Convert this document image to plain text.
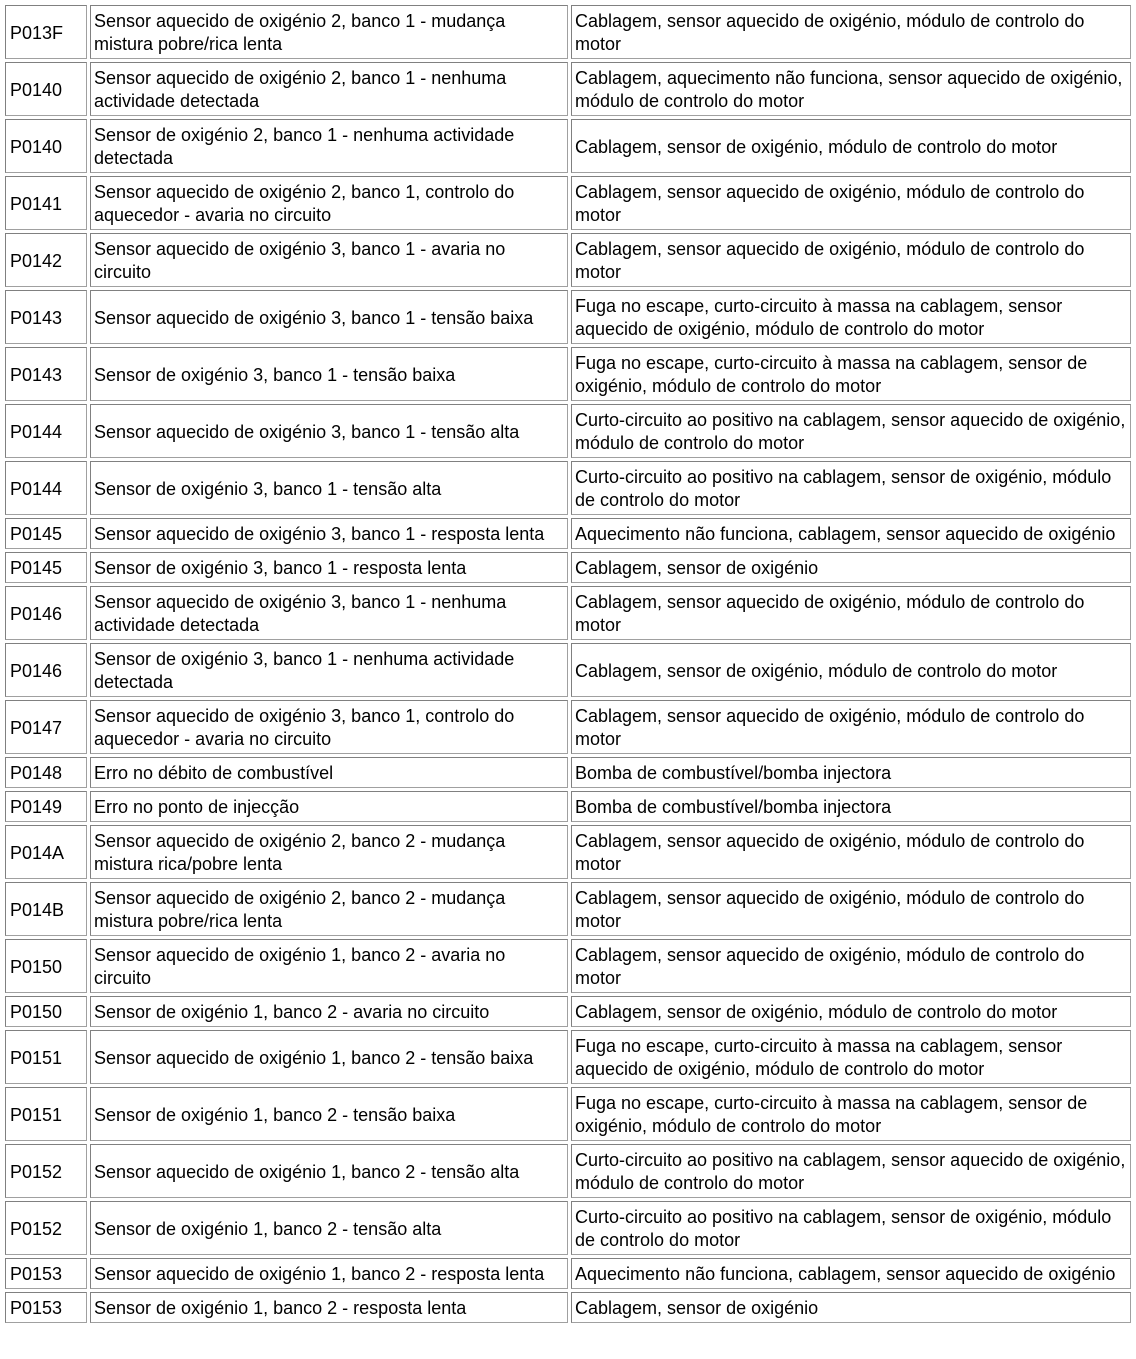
P013F	Sensor aquecido de oxigénio 2, banco 1 - mudança mistura pobre/rica lenta	Cablagem, sensor aquecido de oxigénio, módulo de controlo do motor
P0140	Sensor aquecido de oxigénio 2, banco 1 - nenhuma actividade detectada	Cablagem, aquecimento não funciona, sensor aquecido de oxigénio, módulo de controlo do motor
P0140	Sensor de oxigénio 2, banco 1 - nenhuma actividade detectada	Cablagem, sensor de oxigénio, módulo de controlo do motor
P0141	Sensor aquecido de oxigénio 2, banco 1, controlo do aquecedor - avaria no circuito	Cablagem, sensor aquecido de oxigénio, módulo de controlo do motor
P0142	Sensor aquecido de oxigénio 3, banco 1 - avaria no circuito	Cablagem, sensor aquecido de oxigénio, módulo de controlo do motor
P0143	Sensor aquecido de oxigénio 3, banco 1 - tensão baixa	Fuga no escape, curto-circuito à massa na cablagem, sensor aquecido de oxigénio, módulo de controlo do motor
P0143	Sensor de oxigénio 3, banco 1 - tensão baixa	Fuga no escape, curto-circuito à massa na cablagem, sensor de oxigénio, módulo de controlo do motor
P0144	Sensor aquecido de oxigénio 3, banco 1 - tensão alta	Curto-circuito ao positivo na cablagem, sensor aquecido de oxigénio, módulo de controlo do motor
P0144	Sensor de oxigénio 3, banco 1 - tensão alta	Curto-circuito ao positivo na cablagem, sensor de oxigénio, módulo de controlo do motor
P0145	Sensor aquecido de oxigénio 3, banco 1 - resposta lenta	Aquecimento não funciona, cablagem, sensor aquecido de oxigénio
P0145	Sensor de oxigénio 3, banco 1 - resposta lenta	Cablagem, sensor de oxigénio
P0146	Sensor aquecido de oxigénio 3, banco 1 - nenhuma actividade detectada	Cablagem, sensor aquecido de oxigénio, módulo de controlo do motor
P0146	Sensor de oxigénio 3, banco 1 - nenhuma actividade detectada	Cablagem, sensor de oxigénio, módulo de controlo do motor
P0147	Sensor aquecido de oxigénio 3, banco 1, controlo do aquecedor - avaria no circuito	Cablagem, sensor aquecido de oxigénio, módulo de controlo do motor
P0148	Erro no débito de combustível	Bomba de combustível/bomba injectora
P0149	Erro no ponto de injecção	Bomba de combustível/bomba injectora
P014A	Sensor aquecido de oxigénio 2, banco 2 - mudança mistura rica/pobre lenta	Cablagem, sensor aquecido de oxigénio, módulo de controlo do motor
P014B	Sensor aquecido de oxigénio 2, banco 2 - mudança mistura pobre/rica lenta	Cablagem, sensor aquecido de oxigénio, módulo de controlo do motor
P0150	Sensor aquecido de oxigénio 1, banco 2 - avaria no circuito	Cablagem, sensor aquecido de oxigénio, módulo de controlo do motor
P0150	Sensor de oxigénio 1, banco 2 - avaria no circuito	Cablagem, sensor de oxigénio, módulo de controlo do motor
P0151	Sensor aquecido de oxigénio 1, banco 2 - tensão baixa	Fuga no escape, curto-circuito à massa na cablagem, sensor aquecido de oxigénio, módulo de controlo do motor
P0151	Sensor de oxigénio 1, banco 2 - tensão baixa	Fuga no escape, curto-circuito à massa na cablagem, sensor de oxigénio, módulo de controlo do motor
P0152	Sensor aquecido de oxigénio 1, banco 2 - tensão alta	Curto-circuito ao positivo na cablagem, sensor aquecido de oxigénio, módulo de controlo do motor
P0152	Sensor de oxigénio 1, banco 2 - tensão alta	Curto-circuito ao positivo na cablagem, sensor de oxigénio, módulo de controlo do motor
P0153	Sensor aquecido de oxigénio 1, banco 2 - resposta lenta	Aquecimento não funciona, cablagem, sensor aquecido de oxigénio
P0153	Sensor de oxigénio 1, banco 2 - resposta lenta	Cablagem, sensor de oxigénio
